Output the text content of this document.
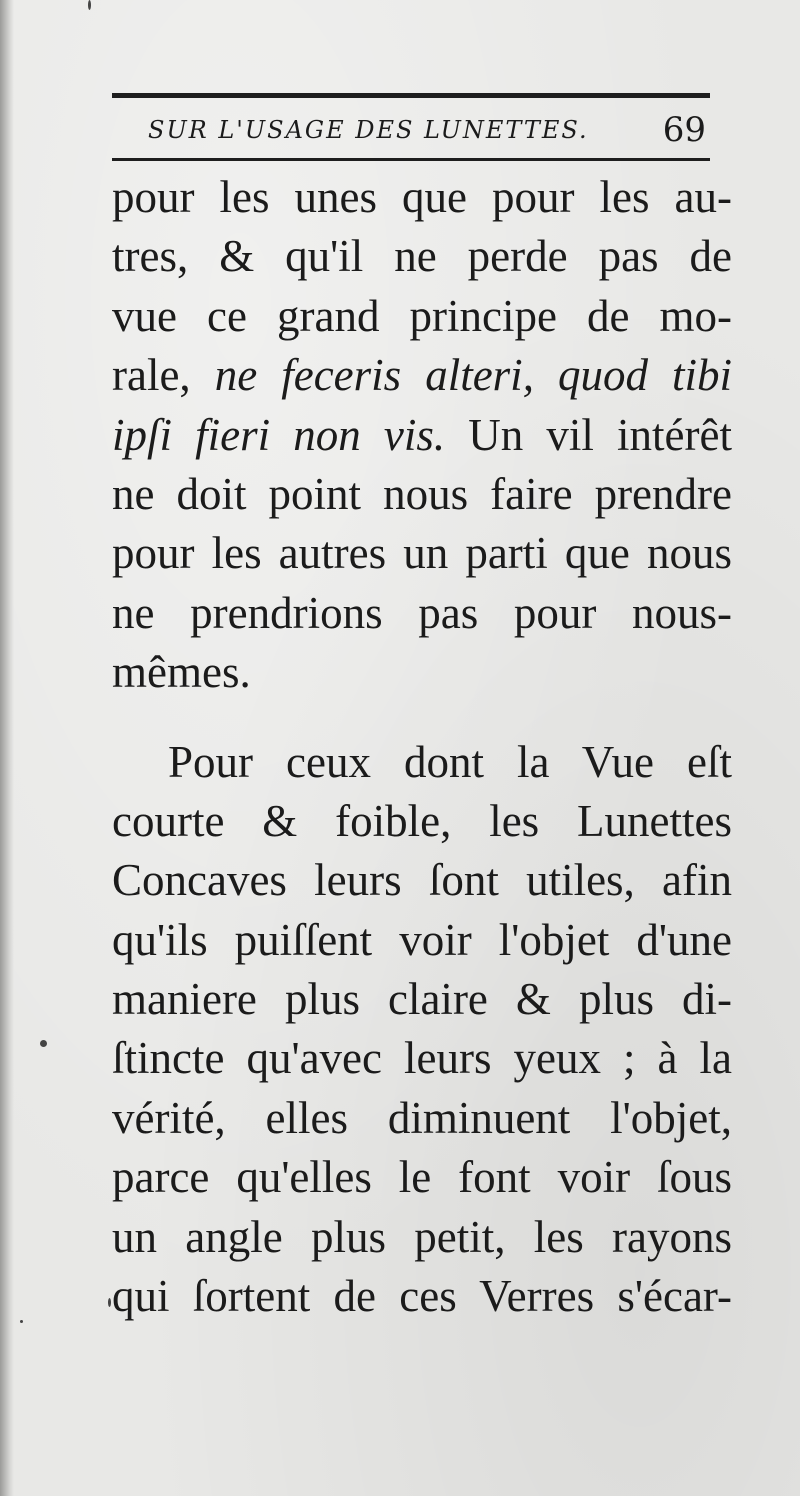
SUR L'USAGE DES LUNETTES. 69
pour les unes que pour les au-
tres, & qu'il ne perde pas de
vue ce grand principe de mo-
rale, ne feceris alteri, quod tibi
ipſi fieri non vis. Un vil intérêt
ne doit point nous faire prendre
pour les autres un parti que nous
ne prendrions pas pour nous-
mêmes.
Pour ceux dont la Vue eſt
courte & foible, les Lunettes
Concaves leurs ſont utiles, afin
qu'ils puiſſent voir l'objet d'une
maniere plus claire & plus di-
ſtincte qu'avec leurs yeux ; à la
vérité, elles diminuent l'objet,
parce qu'elles le font voir ſous
un angle plus petit, les rayons
qui ſortent de ces Verres s'écar-
